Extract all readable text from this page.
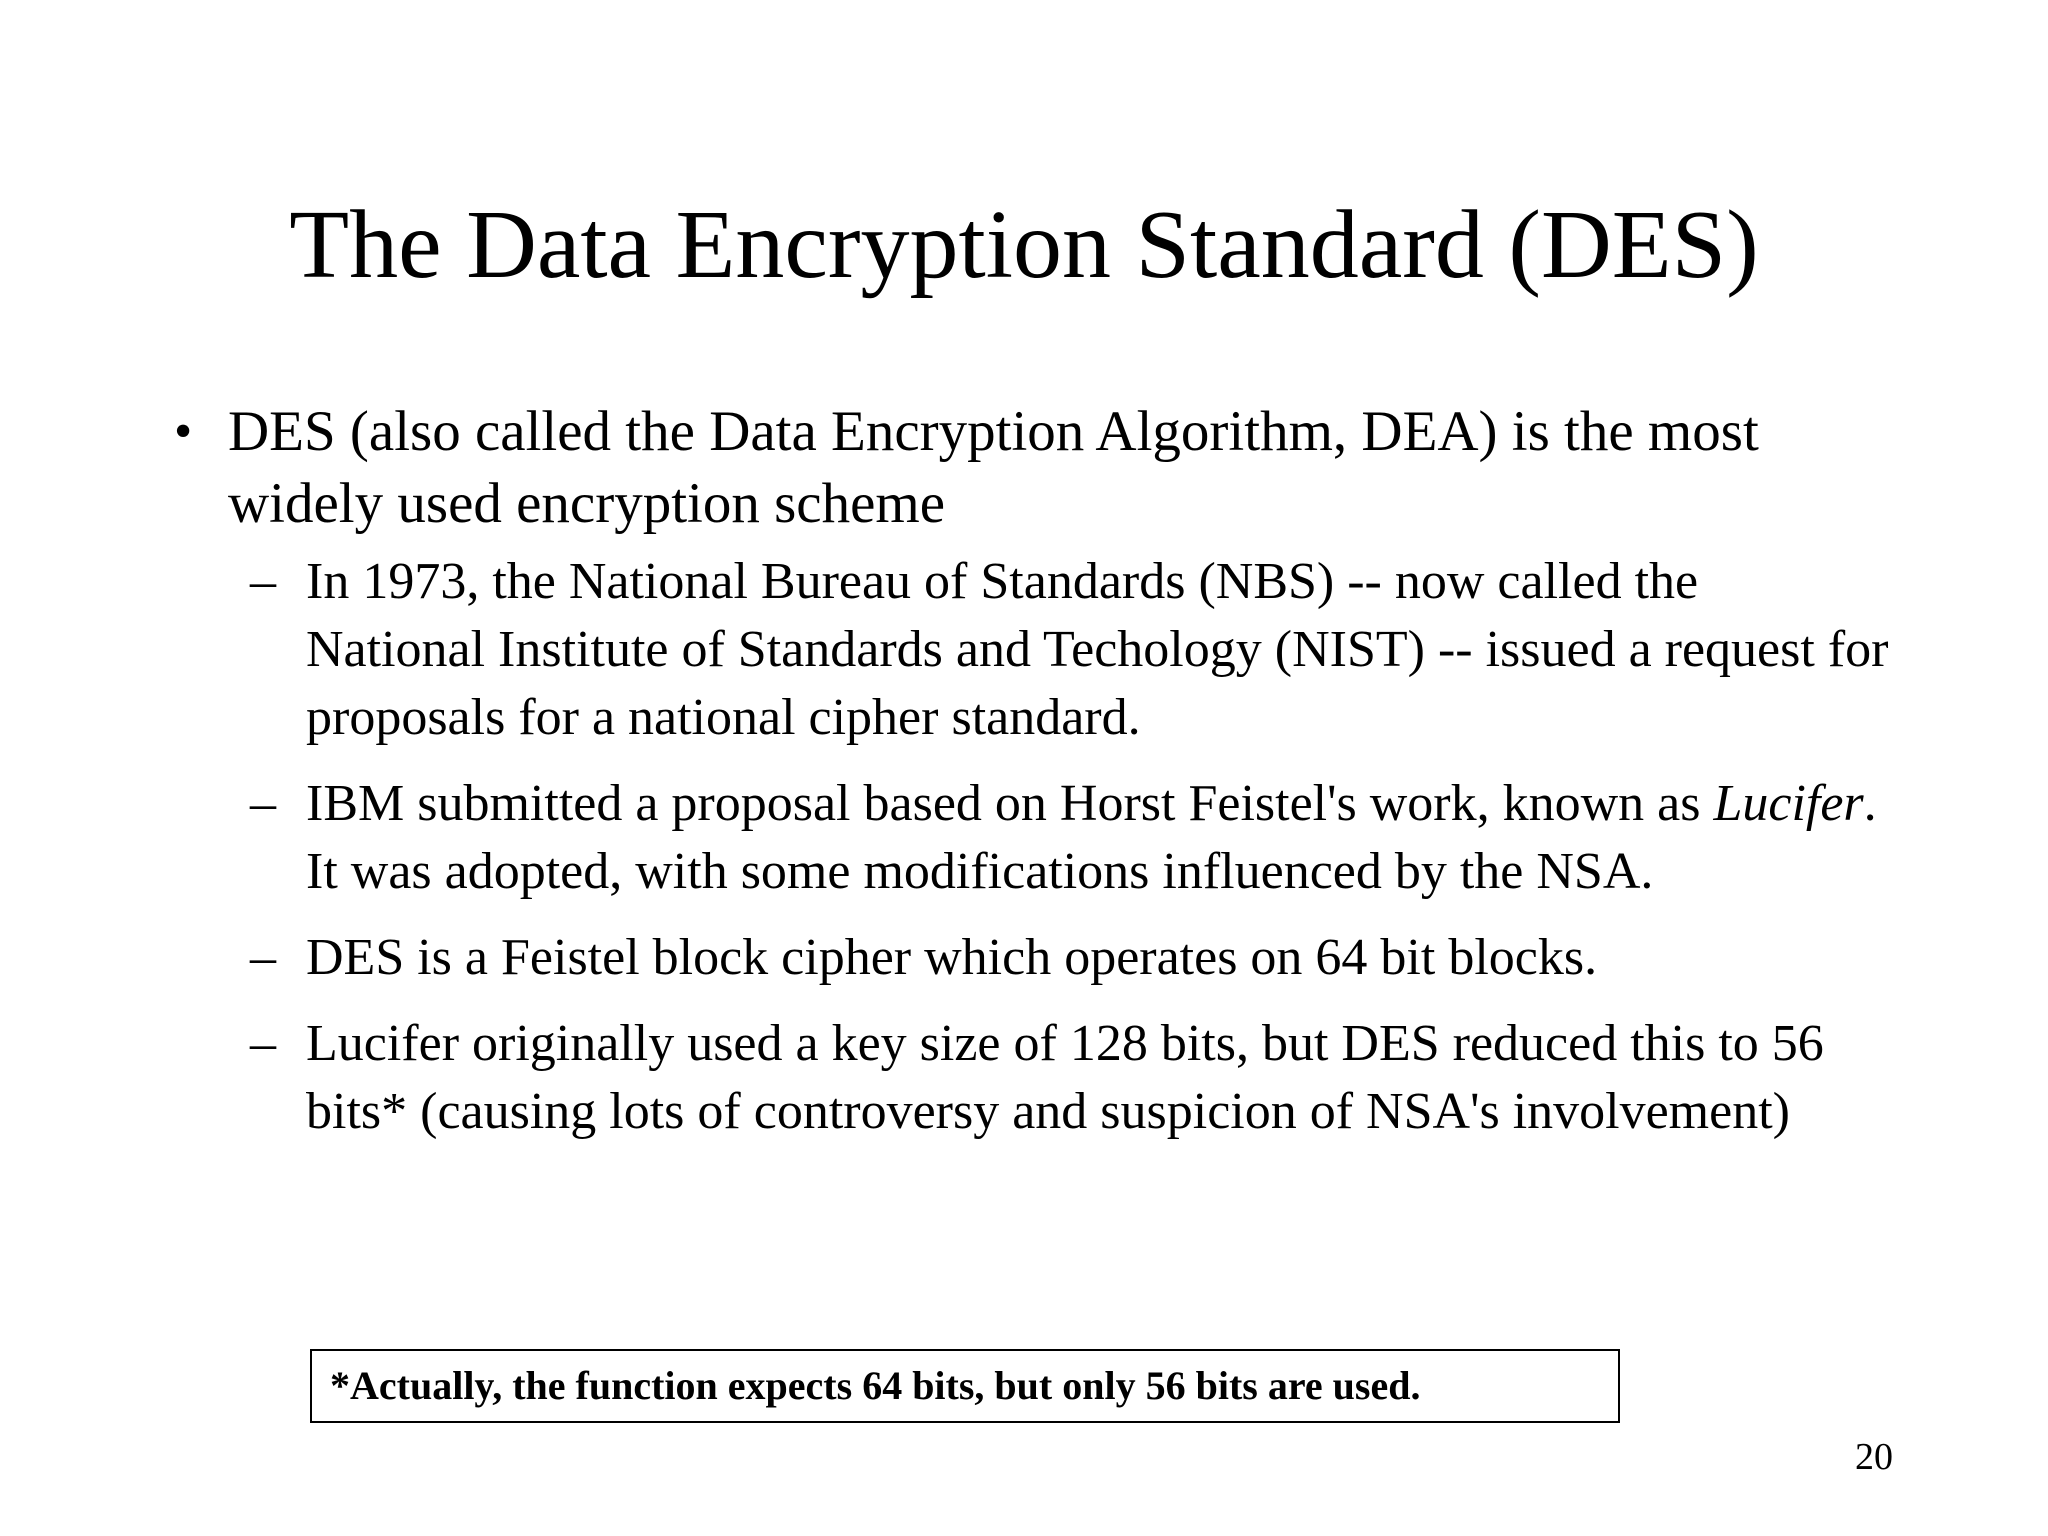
The Data Encryption Standard (DES)
• DES (also called the Data Encryption Algorithm, DEA) is the most widely used encryption scheme
– In 1973, the National Bureau of Standards (NBS) -- now called the National Institute of Standards and Techology (NIST) -- issued a request for proposals for a national cipher standard.
– IBM submitted a proposal based on Horst Feistel's work, known as Lucifer. It was adopted, with some modifications influenced by the NSA.
– DES is a Feistel block cipher which operates on 64 bit blocks.
– Lucifer originally used a key size of 128 bits, but DES reduced this to 56 bits* (causing lots of controversy and suspicion of NSA's involvement)
*Actually, the function expects 64 bits, but only 56 bits are used.
20
